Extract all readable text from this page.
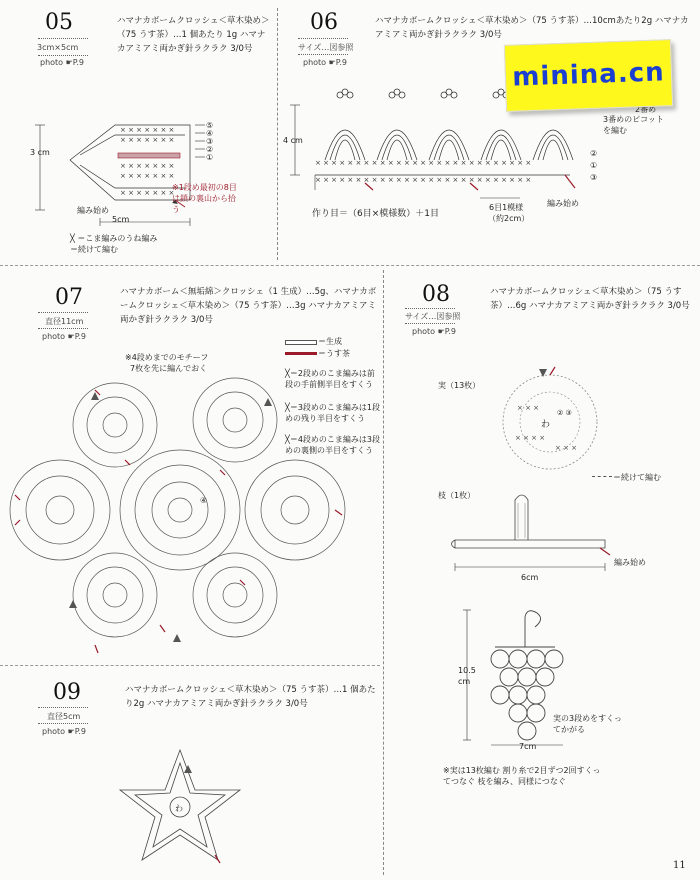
05
3cm×5cm
photo ☛P.9
ハマナカボームクロッシェ＜草木染め＞（75 うす茶）…1 個あたり 1g ハマナカアミアミ両かぎ針ラクラク 3/0号
× × × × × × ×
× × × × × × ×
× × × × × × ×
× × × × × × ×
× × × × × × ×
3 cm
⑤
④
③
②
①
編み始め
※1段め最初の8目は鎖の裏山から拾う
5cm
╳ ＝こま編みのうね編み
＝続けて編む
06
サイズ…図参照
photo ☛P.9
ハマナカボームクロッシェ＜草木染め＞（75 うす茶）…10cmあたり2g ハマナカアミアミ両かぎ針ラクラク 3/0号
× × × × × × × × × × × × × × × × × × × × × × × × × × ×
× × × × × × × × × × × × × × × × × × × × × × × × × × ×
4 cm
②
①
③
2番め
3番めのピコット
を編む
作り目＝（6目×模様数）＋1目
6目1模様
（約2cm）
編み始め
07
直径11cm
photo ☛P.9
ハマナカボーム＜無垢綿＞クロッシェ（1 生成）…5g、ハマナカボームクロッシェ＜草木染め＞（75 うす茶）…3g ハマナカアミアミ両かぎ針ラクラク 3/0号
※4段めまでのモチーフ
7枚を先に編んでおく
＝生成
＝うす茶
╳＝2段めのこま編みは前段の手前側半目をすくう
╳＝3段めのこま編みは1段めの残り半目をすくう
╳＝4段めのこま編みは3段めの裏側の半目をすくう
④
08
サイズ…図参照
photo ☛P.9
ハマナカボームクロッシェ＜草木染め＞（75 うす茶）…6g ハマナカアミアミ両かぎ針ラクラク 3/0号
実（13枚）
わ
② ③
× × ×
× × × ×
× × ×
＝続けて編む
枝（1枚）
編み始め
6cm
10.5 cm
7cm
実の3段めをすくってかがる
※実は13枚編む 割り糸で2目ずつ2回すくってつなぐ 枝を編み、同様につなぐ
09
直径5cm
photo ☛P.9
ハマナカボームクロッシェ＜草木染め＞（75 うす茶）…1 個あたり2g ハマナカアミアミ両かぎ針ラクラク 3/0号
わ
minina.cn
11
